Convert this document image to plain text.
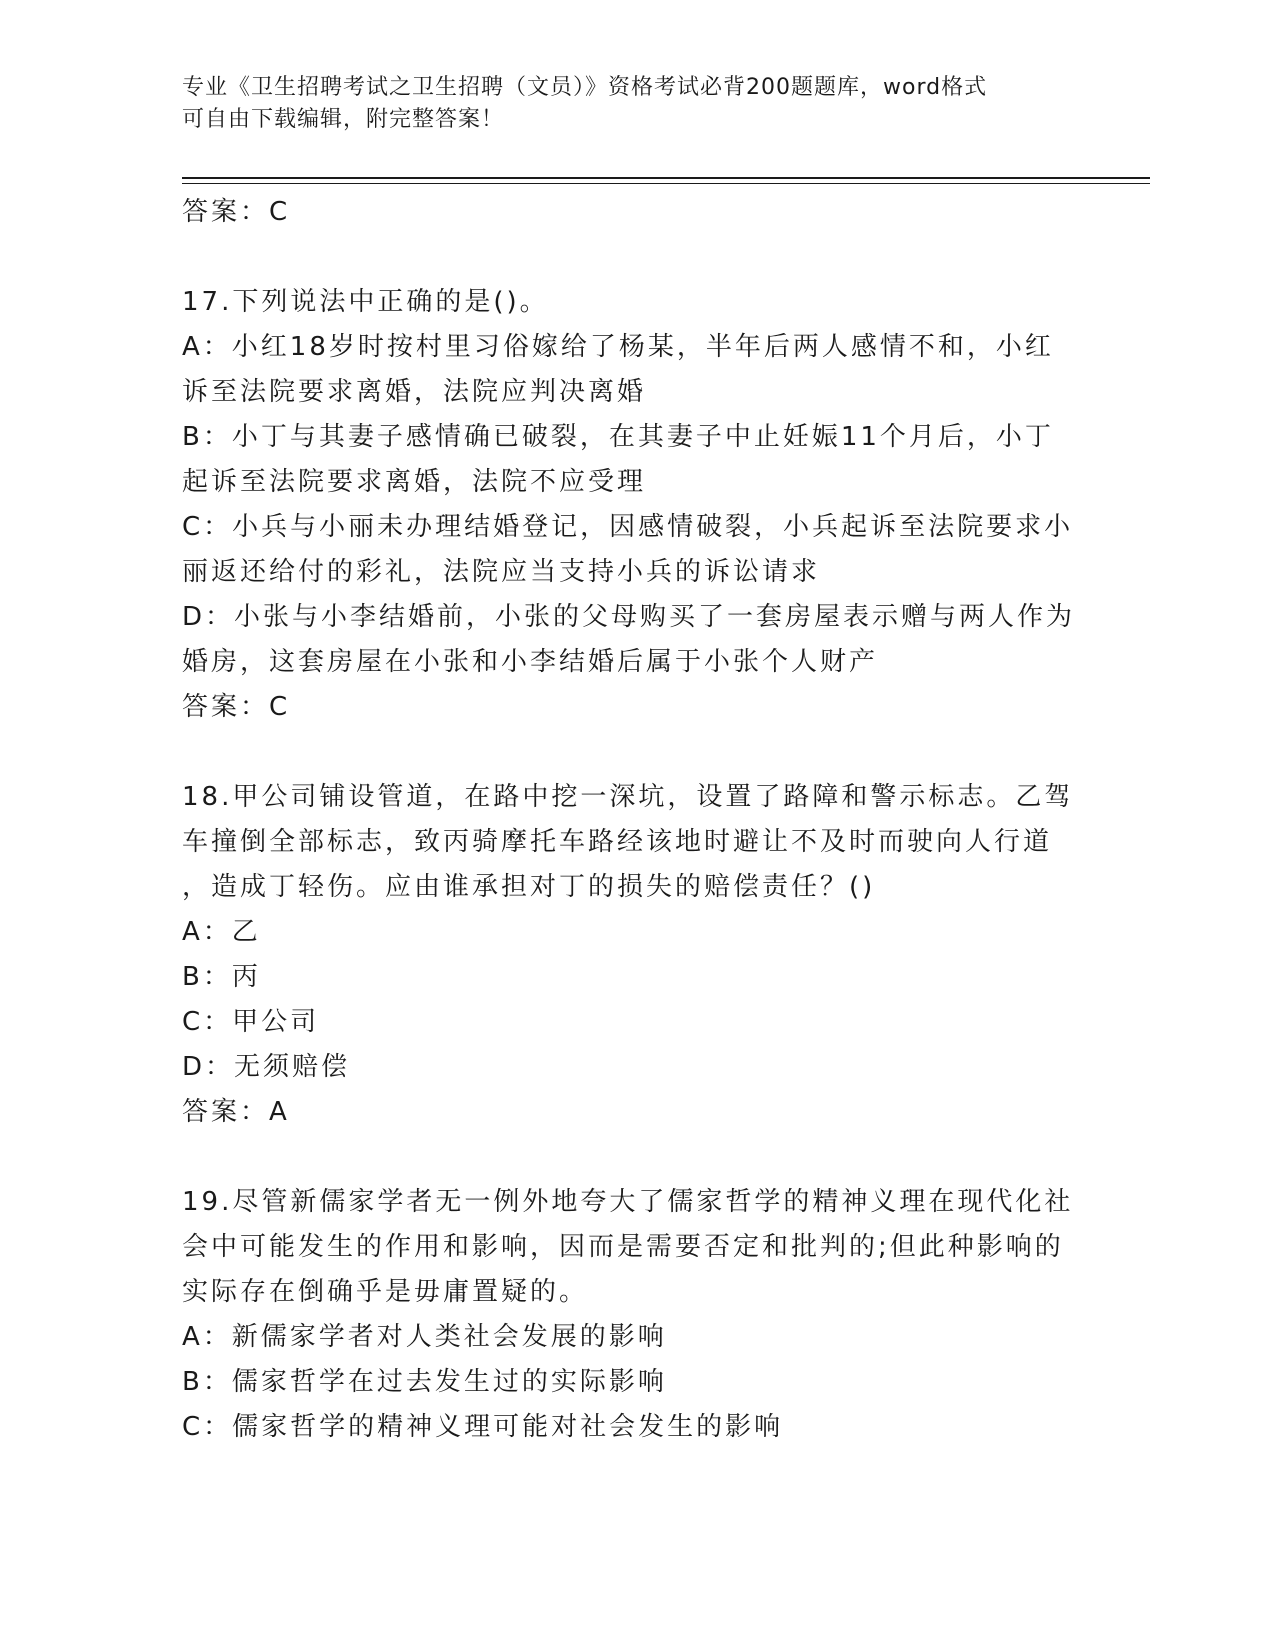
专业《卫生招聘考试之卫生招聘（文员）》资格考试必背200题题库，word格式
可自由下载编辑，附完整答案！
答案：C
17.下列说法中正确的是()。
A：小红18岁时按村里习俗嫁给了杨某，半年后两人感情不和，小红
诉至法院要求离婚，法院应判决离婚
B：小丁与其妻子感情确已破裂，在其妻子中止妊娠11个月后，小丁
起诉至法院要求离婚，法院不应受理
C：小兵与小丽未办理结婚登记，因感情破裂，小兵起诉至法院要求小
丽返还给付的彩礼，法院应当支持小兵的诉讼请求
D：小张与小李结婚前，小张的父母购买了一套房屋表示赠与两人作为
婚房，这套房屋在小张和小李结婚后属于小张个人财产
答案：C
18.甲公司铺设管道，在路中挖一深坑，设置了路障和警示标志。乙驾
车撞倒全部标志，致丙骑摩托车路经该地时避让不及时而驶向人行道
，造成丁轻伤。应由谁承担对丁的损失的赔偿责任？()
A：乙
B：丙
C：甲公司
D：无须赔偿
答案：A
19.尽管新儒家学者无一例外地夸大了儒家哲学的精神义理在现代化社
会中可能发生的作用和影响，因而是需要否定和批判的;但此种影响的
实际存在倒确乎是毋庸置疑的。
A：新儒家学者对人类社会发展的影响
B：儒家哲学在过去发生过的实际影响
C：儒家哲学的精神义理可能对社会发生的影响
